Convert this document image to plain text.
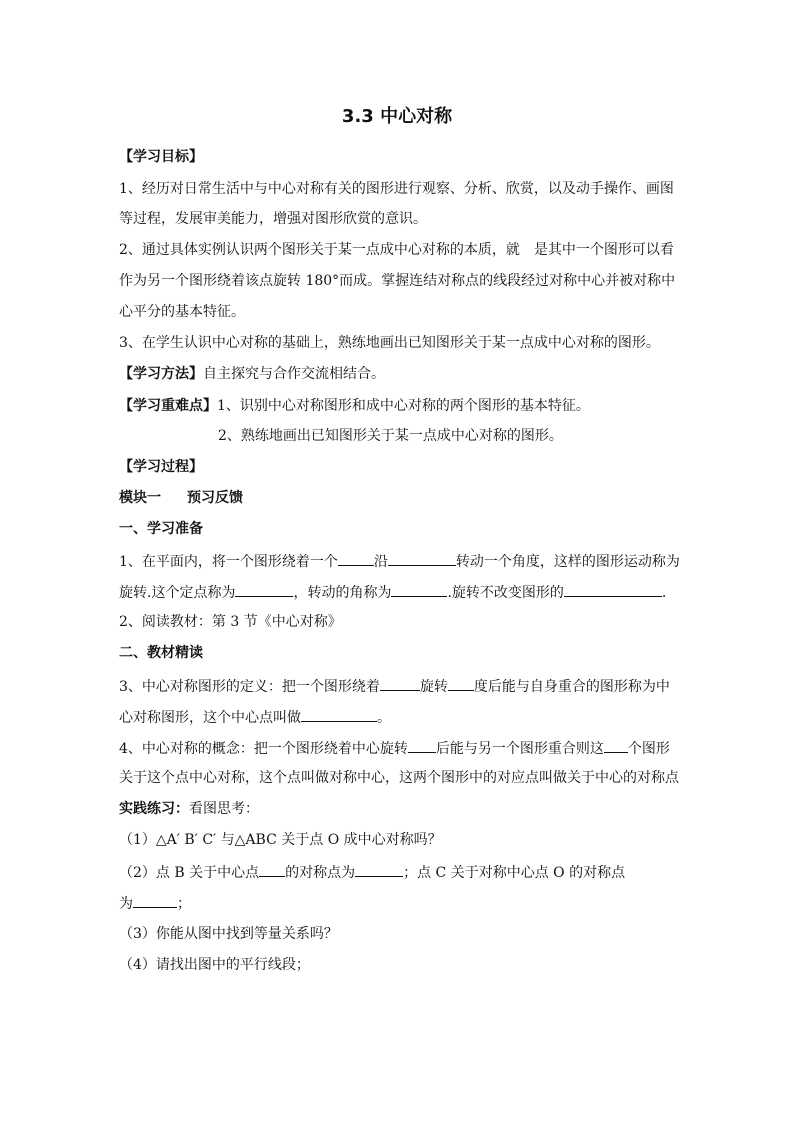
3.3 中心对称
【学习目标】
1、经历对日常生活中与中心对称有关的图形进行观察、分析、欣赏，以及动手操作、画图
等过程，发展审美能力，增强对图形欣赏的意识。
2、通过具体实例认识两个图形关于某一点成中心对称的本质，就 是其中一个图形可以看
作为另一个图形绕着该点旋转 180°而成。掌握连结对称点的线段经过对称中心并被对称中
心平分的基本特征。
3、在学生认识中心对称的基础上，熟练地画出已知图形关于某一点成中心对称的图形。
【学习方法】自主探究与合作交流相结合。
【学习重难点】1、识别中心对称图形和成中心对称的两个图形的基本特征。
2、熟练地画出已知图形关于某一点成中心对称的图形。
【学习过程】
模块一 预习反馈
一、学习准备
1、在平面内，将一个图形绕着一个	沿	转动一个角度，这样的图形运动称为
旋转.这个定点称为	，转动的角称为	.旋转不改变图形的	.
2、阅读教材：第 3 节《中心对称》
二、教材精读
3、中心对称图形的定义：把一个图形绕着	旋转 度后能与自身重合的图形称为中
心对称图形，这个中心点叫做	。
4、中心对称的概念：把一个图形绕着中心旋转 后能与另一个图形重合则这 个图形
关于这个点中心对称，这个点叫做对称中心，这两个图形中的对应点叫做关于中心的对称点
实践练习：看图思考：
（1）△A′ B′ C′ 与△ABC 关于点 O 成中心对称吗？
（2）点 B 关于中心点 的对称点为	；点 C 关于对称中心点 O 的对称点
为	；
（3）你能从图中找到等量关系吗？
（4）请找出图中的平行线段；
